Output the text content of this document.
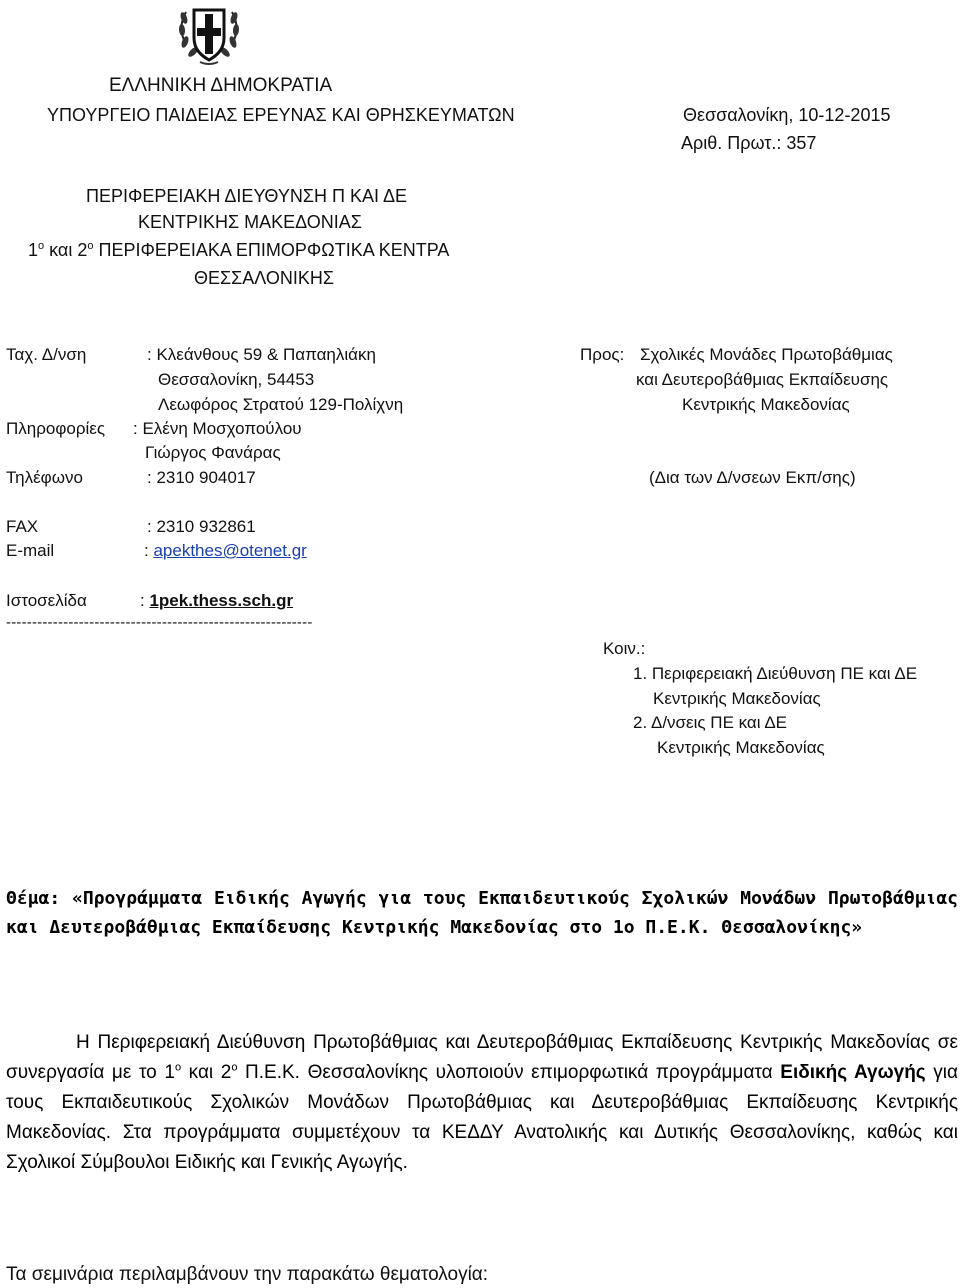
ΕΛΛΗΝΙΚΗ ΔΗΜΟΚΡΑΤΙΑ
ΥΠΟΥΡΓΕΙΟ ΠΑΙΔΕΙΑΣ ΕΡΕΥΝΑΣ ΚΑΙ ΘΡΗΣΚΕΥΜΑΤΩΝ	Θεσσαλονίκη, 10-12-2015
Αριθ. Πρωτ.: 357
ΠΕΡΙΦΕΡΕΙΑΚΗ ΔΙΕΥΘΥΝΣΗ Π ΚΑΙ ΔΕ
ΚΕΝΤΡΙΚΗΣ ΜΑΚΕΔΟΝΙΑΣ
$1^o$ και $2^o$ ΠΕΡΙΦΕΡΕΙΑΚΑ ΕΠΙΜΟΡΦΩΤΙΚΑ ΚΕΝΤΡΑ
ΘΕΣΣΑΛΟΝΙΚΗΣ
Ταχ. Δ/νση	: Κλεάνθους 59 & Παπαηλιάκη
Θεσσαλονίκη, 54453
Λεωφόρος Στρατού 129-Πολίχνη
Πληροφορίες : Ελένη Μοσχοπούλου
Γιώργος Φανάρας
Τηλέφωνο	: 2310 904017
FAX	: 2310 932861
E-mail	: apekthes@otenet.gr
Ιστοσελίδα	: 1pek.thess.sch.gr
-----------------------------------------------------------
Προς: Σχολικές Μονάδες Πρωτοβάθμιας
και Δευτεροβάθμιας Εκπαίδευσης
Κεντρικής Μακεδονίας
(Δια των Δ/νσεων Εκπ/σης)
Κοιν.:
1. Περιφερειακή Διεύθυνση ΠΕ και ΔΕ
Κεντρικής Μακεδονίας
2. Δ/νσεις ΠΕ και ΔΕ
Κεντρικής Μακεδονίας
Θέμα: «Προγράμματα Ειδικής Αγωγής για τους Εκπαιδευτικούς Σχολικών Μονάδων Πρωτοβάθμιας και Δευτεροβάθμιας Εκπαίδευσης Κεντρικής Μακεδονίας στο 1ο Π.Ε.Κ. Θεσσαλονίκης»
Η Περιφερειακή Διεύθυνση Πρωτοβάθμιας και Δευτεροβάθμιας Εκπαίδευσης Κεντρικής Μακεδονίας σε συνεργασία με το $1^o$ και $2^o$ Π.Ε.Κ. Θεσσαλονίκης υλοποιούν επιμορφωτικά προγράμματα Ειδικής Αγωγής για τους Εκπαιδευτικούς Σχολικών Μονάδων Πρωτοβάθμιας και Δευτεροβάθμιας Εκπαίδευσης Κεντρικής Μακεδονίας. Στα προγράμματα συμμετέχουν τα ΚΕΔΔΥ Ανατολικής και Δυτικής Θεσσαλονίκης, καθώς και Σχολικοί Σύμβουλοι Ειδικής και Γενικής Αγωγής.
Τα σεμινάρια περιλαμβάνουν την παρακάτω θεματολογία:
